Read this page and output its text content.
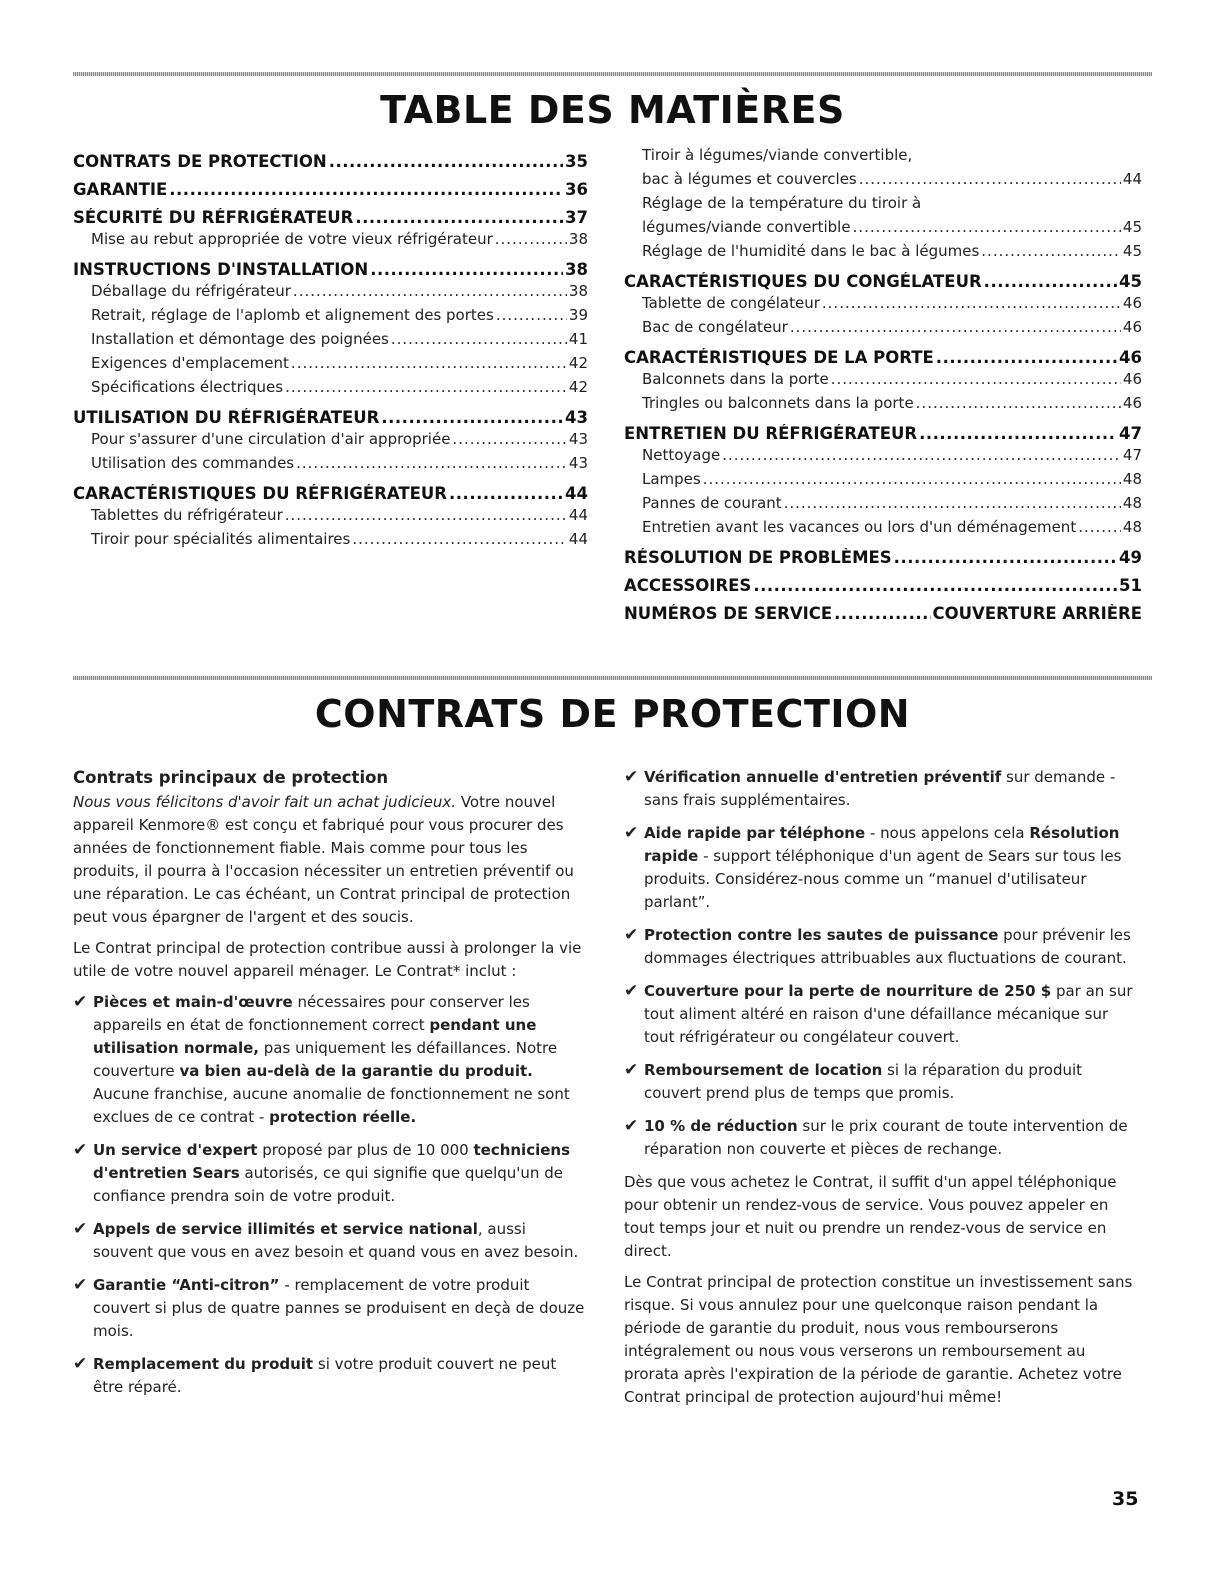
TABLE DES MATIÈRES
CONTRATS DE PROTECTION .....	35
GARANTIE .....	36
SÉCURITÉ DU RÉFRIGÉRATEUR .....	37
Mise au rebut appropriée de votre vieux réfrigérateur .....	38
INSTRUCTIONS D'INSTALLATION .....	38
Déballage du réfrigérateur .....	38
Retrait, réglage de l'aplomb et alignement des portes .....	39
Installation et démontage des poignées .....	41
Exigences d'emplacement .....	42
Spécifications électriques .....	42
UTILISATION DU RÉFRIGÉRATEUR .....	43
Pour s'assurer d'une circulation d'air appropriée .....	43
Utilisation des commandes .....	43
CARACTÉRISTIQUES DU RÉFRIGÉRATEUR .....	44
Tablettes du réfrigérateur .....	44
Tiroir pour spécialités alimentaires .....	44
Tiroir à légumes/viande convertible,
bac à légumes et couvercles .....	44
Réglage de la température du tiroir à
légumes/viande convertible .....	45
Réglage de l'humidité dans le bac à légumes .....	45
CARACTÉRISTIQUES DU CONGÉLATEUR .....	45
Tablette de congélateur .....	46
Bac de congélateur .....	46
CARACTÉRISTIQUES DE LA PORTE .....	46
Balconnets dans la porte .....	46
Tringles ou balconnets dans la porte .....	46
ENTRETIEN DU RÉFRIGÉRATEUR .....	47
Nettoyage .....	47
Lampes .....	48
Pannes de courant .....	48
Entretien avant les vacances ou lors d'un déménagement .....	48
RÉSOLUTION DE PROBLÈMES .....	49
ACCESSOIRES .....	51
NUMÉROS DE SERVICE .....	COUVERTURE ARRIÈRE
CONTRATS DE PROTECTION
Contrats principaux de protection

Nous vous félicitons d'avoir fait un achat judicieux. Votre nouvel appareil Kenmore® est conçu et fabriqué pour vous procurer des années de fonctionnement fiable. Mais comme pour tous les produits, il pourra à l'occasion nécessiter un entretien préventif ou une réparation. Le cas échéant, un Contrat principal de protection peut vous épargner de l'argent et des soucis.

Le Contrat principal de protection contribue aussi à prolonger la vie utile de votre nouvel appareil ménager. Le Contrat* inclut :

✔ Pièces et main-d'œuvre nécessaires pour conserver les appareils en état de fonctionnement correct pendant une utilisation normale, pas uniquement les défaillances. Notre couverture va bien au-delà de la garantie du produit. Aucune franchise, aucune anomalie de fonctionnement ne sont exclues de ce contrat - protection réelle.
✔ Un service d'expert proposé par plus de 10 000 techniciens d'entretien Sears autorisés, ce qui signifie que quelqu'un de confiance prendra soin de votre produit.
✔ Appels de service illimités et service national, aussi souvent que vous en avez besoin et quand vous en avez besoin.
✔ Garantie “Anti-citron” - remplacement de votre produit couvert si plus de quatre pannes se produisent en deçà de douze mois.
✔ Remplacement du produit si votre produit couvert ne peut être réparé.
✔ Vérification annuelle d'entretien préventif sur demande - sans frais supplémentaires.
✔ Aide rapide par téléphone - nous appelons cela Résolution rapide - support téléphonique d'un agent de Sears sur tous les produits. Considérez-nous comme un “manuel d'utilisateur parlant”.
✔ Protection contre les sautes de puissance pour prévenir les dommages électriques attribuables aux fluctuations de courant.
✔ Couverture pour la perte de nourriture de 250 $ par an sur tout aliment altéré en raison d'une défaillance mécanique sur tout réfrigérateur ou congélateur couvert.
✔ Remboursement de location si la réparation du produit couvert prend plus de temps que promis.
✔ 10 % de réduction sur le prix courant de toute intervention de réparation non couverte et pièces de rechange.

Dès que vous achetez le Contrat, il suffit d'un appel téléphonique pour obtenir un rendez-vous de service. Vous pouvez appeler en tout temps jour et nuit ou prendre un rendez-vous de service en direct.

Le Contrat principal de protection constitue un investissement sans risque. Si vous annulez pour une quelconque raison pendant la période de garantie du produit, nous vous rembourserons intégralement ou nous vous verserons un remboursement au prorata après l'expiration de la période de garantie. Achetez votre Contrat principal de protection aujourd'hui même!

35
